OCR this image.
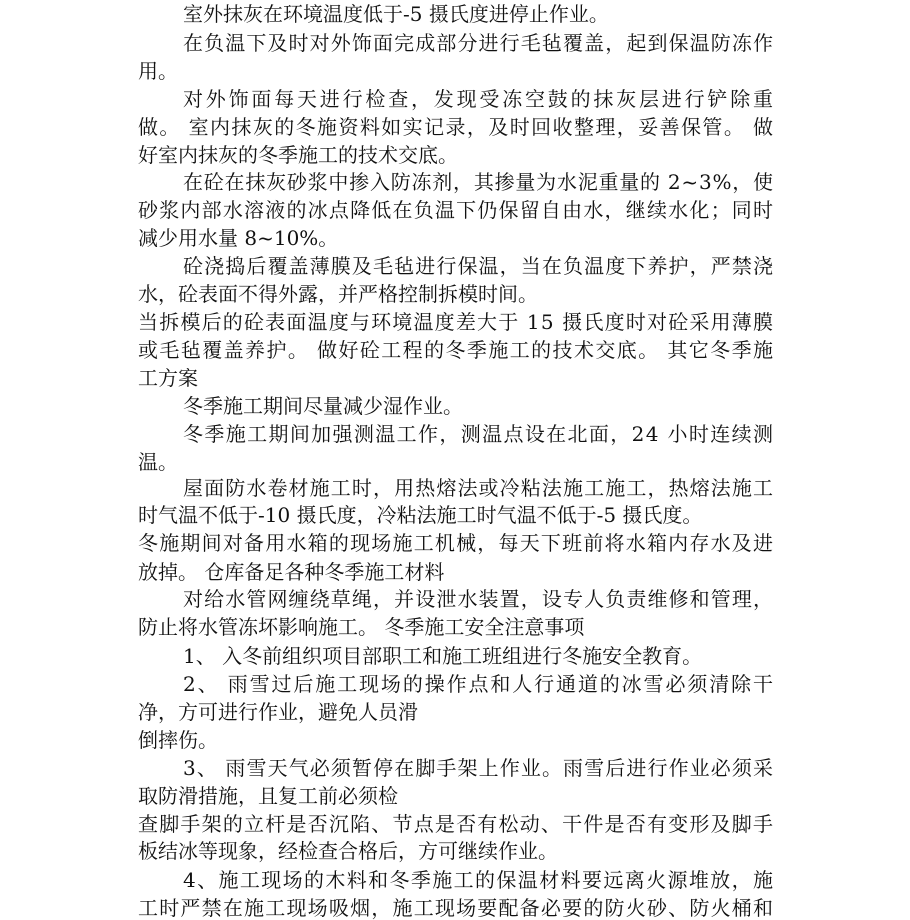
室外抹灰在环境温度低于-5 摄氏度进停止作业。
在负温下及时对外饰面完成部分进行毛毡覆盖，起到保温防冻作
用。
对外饰面每天进行检查，发现受冻空鼓的抹灰层进行铲除重
做。 室内抹灰的冬施资料如实记录，及时回收整理，妥善保管。 做
好室内抹灰的冬季施工的技术交底。
在砼在抹灰砂浆中掺入防冻剂，其掺量为水泥重量的 2~3%，使
砂浆内部水溶液的冰点降低在负温下仍保留自由水，继续水化；同时
减少用水量 8~10%。
砼浇捣后覆盖薄膜及毛毡进行保温，当在负温度下养护，严禁浇
水，砼表面不得外露，并严格控制拆模时间。
当拆模后的砼表面温度与环境温度差大于 15 摄氏度时对砼采用薄膜
或毛毡覆盖养护。 做好砼工程的冬季施工的技术交底。 其它冬季施
工方案
冬季施工期间尽量减少湿作业。
冬季施工期间加强测温工作，测温点设在北面，24 小时连续测
温。
屋面防水卷材施工时，用热熔法或冷粘法施工施工，热熔法施工
时气温不低于-10 摄氏度，冷粘法施工时气温不低于-5 摄氏度。
冬施期间对备用水箱的现场施工机械，每天下班前将水箱内存水及进
放掉。 仓库备足各种冬季施工材料
对给水管网缠绕草绳，并设泄水装置，设专人负责维修和管理，
防止将水管冻坏影响施工。 冬季施工安全注意事项
1、 入冬前组织项目部职工和施工班组进行冬施安全教育。
2、 雨雪过后施工现场的操作点和人行通道的冰雪必须清除干
净，方可进行作业，避免人员滑
倒摔伤。
3、 雨雪天气必须暂停在脚手架上作业。雨雪后进行作业必须采
取防滑措施，且复工前必须检
查脚手架的立杆是否沉陷、节点是否有松动、干件是否有变形及脚手
板结冰等现象，经检查合格后，方可继续作业。
4、施工现场的木料和冬季施工的保温材料要远离火源堆放，施
工时严禁在施工现场吸烟，施工现场要配备必要的防火砂、防火桶和
